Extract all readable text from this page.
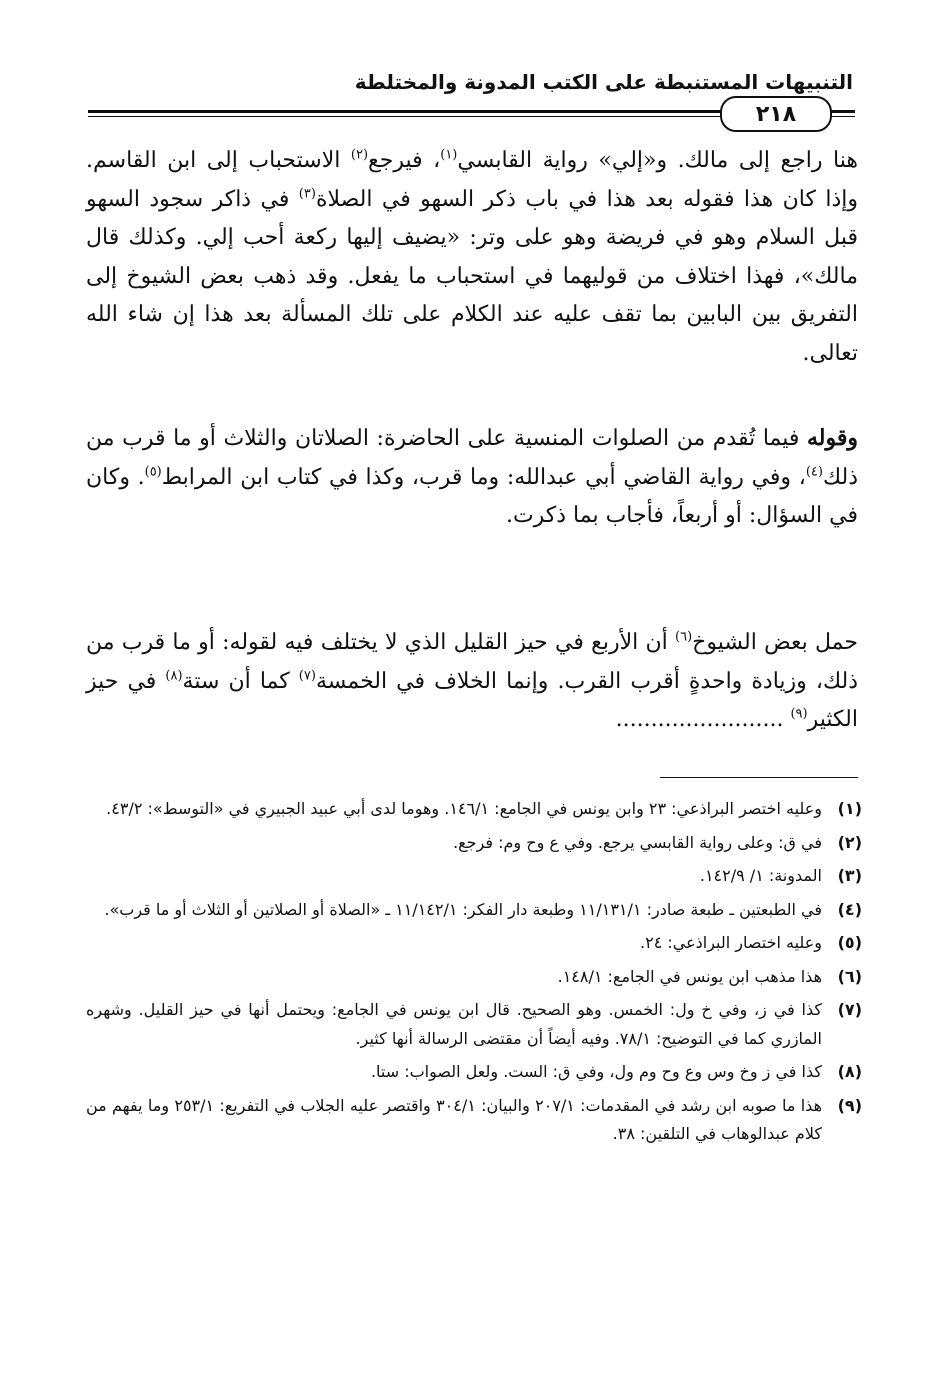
التنبيهات المستنبطة على الكتب المدونة والمختلطة
٢١٨

هنا راجع إلى مالك. و«إلي» رواية القابسي$^{(١)}$، فيرجع$^{(٢)}$ الاستحباب إلى ابن القاسم. وإذا كان هذا فقوله بعد هذا في باب ذكر السهو في الصلاة$^{(٣)}$ في ذاكر سجود السهو قبل السلام وهو في فريضة وهو على وتر: «يضيف إليها ركعة أحب إلي. وكذلك قال مالك»، فهذا اختلاف من قوليهما في استحباب ما يفعل. وقد ذهب بعض الشيوخ إلى التفريق بين البابين بما تقف عليه عند الكلام على تلك المسألة بعد هذا إن شاء الله تعالى.

وقوله فيما تُقدم من الصلوات المنسية على الحاضرة: الصلاتان والثلاث أو ما قرب من ذلك$^{(٤)}$، وفي رواية القاضي أبي عبدالله: وما قرب، وكذا في كتاب ابن المرابط$^{(٥)}$. وكان في السؤال: أو أربعاً، فأجاب بما ذكرت.

حمل بعض الشيوخ$^{(٦)}$ أن الأربع في حيز القليل الذي لا يختلف فيه لقوله: أو ما قرب من ذلك، وزيادة واحدةٍ أقرب القرب. وإنما الخلاف في الخمسة$^{(٧)}$ كما أن ستة$^{(٨)}$ في حيز الكثير$^{(٩)}$ ........................

(١)
وعليه اختصر البراذعي: ٢٣ وابن يونس في الجامع: ١٤٦/١. وهوما لدى أبي عبيد الجبيري في «التوسط»: ٤٣/٢.
(٢)
في ق: وعلى رواية القابسي يرجع. وفي ع وح وم: فرجع.
(٣)
المدونة: ١/ ١٤٢/٩.
(٤)
في الطبعتين ـ طبعة صادر: ١١/١٣١/١ وطبعة دار الفكر: ١١/١٤٢/١ ـ «الصلاة أو الصلاتين أو الثلاث أو ما قرب».
(٥)
وعليه اختصار البراذعي: ٢٤.
(٦)
هذا مذهب ابن يونس في الجامع: ١٤٨/١.
(٧)
كذا في ز، وفي خ ول: الخمس. وهو الصحيح. قال ابن يونس في الجامع: ويحتمل أنها في حيز القليل. وشهره المازري كما في التوضيح: ٧٨/١. وفيه أيضاً أن مقتضى الرسالة أنها كثير.
(٨)
كذا في ز وخ وس وع وح وم ول، وفي ق: الست. ولعل الصواب: ستا.
(٩)
هذا ما صوبه ابن رشد في المقدمات: ٢٠٧/١ والبيان: ٣٠٤/١ واقتصر عليه الجلاب في التفريع: ٢٥٣/١ وما يفهم من كلام عبدالوهاب في التلقين: ٣٨.
